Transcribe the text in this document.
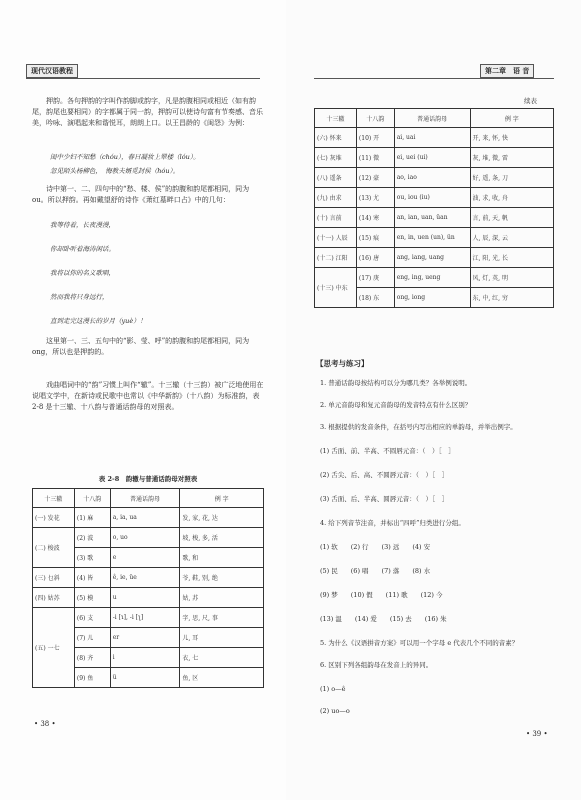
现代汉语教程

押韵。各句押韵的字叫作韵脚或韵字，凡是韵腹相同或相近（如有韵尾，韵尾也要相同）的字都属于同一韵，押韵可以使诗句富有节奏感、音乐美，吟咏、演唱起来和谐悦耳，朗朗上口。以王昌龄的《闺怨》为例：

闺中少妇不知愁（chóu），春日凝妆上翠楼（lóu）。
忽见陌头杨柳色，　悔教夫婿觅封侯（hóu）。

诗中第一、二、四句中的“愁、楼、侯”的韵腹和韵尾都相同，同为 ou。所以押韵。再如戴望舒的诗作《萧红墓畔口占》中的几句：

我等待着，长夜漫漫，
你却卧听着海涛闲话。
我将以你的名义歌唱，
然而我将只身远行，
直到走完这漫长的岁月（yuè）！

这里第一、三、五句中的“影、莹、呼”的韵腹和韵尾都相同，同为 ong，所以也是押韵的。

戏曲唱词中的“韵”习惯上叫作“辙”。十三辙（十三韵）被广泛地使用在说唱文学中，在新诗或民歌中也常以《中华新韵》（十八韵）为标准韵，表2-8 是十三辙、十八韵与普通话韵母的对照表。

表 2-8　韵辙与普通话韵母对照表
十三辙	十八韵	普通话韵母	例 字
(一) 发花	(1) 麻	a, ia, ua	发, 家, 花, 达
(二) 梭波	(2) 波	o, uo	坡, 梭, 多, 活
	(3) 歌	e	歌, 和
(三) 乜斜	(4) 皆	ê, ie, üe	爷, 鞋, 别, 绝
(四) 姑苏	(5) 模	u	姑, 苏
(五) 一七	(6) 支	-i [ɿ], -i [ʅ]	字, 思, 尺, 事
	(7) 儿	er	儿, 耳
	(8) 齐	i	衣, 七
	(9) 鱼	ü	鱼, 区
• 38 •
第二章　语 音
续表
十三辙	十八韵	普通话韵母	例 字
(六) 怀来	(10) 开	ai, uai	开, 来, 怀, 快
(七) 灰堆	(11) 微	ei, uei (ui)	灰, 堆, 微, 雷
(八) 遥条	(12) 豪	ao, iao	好, 遥, 条, 刀
(九) 由求	(13) 尤	ou, iou (iu)	油, 求, 收, 舟
(十) 言前	(14) 寒	an, ian, uan, üan	言, 前, 天, 帆
(十一) 人辰	(15) 痕	en, in, uen (un), ün	人, 辰, 深, 云
(十二) 江阳	(16) 唐	ang, iang, uang	江, 阳, 光, 长
(十三) 中东	(17) 庚	eng, ing, ueng	风, 灯, 英, 明
	(18) 东	ong, iong	东, 中, 红, 穷
【思考与练习】
1. 普通话韵母按结构可以分为哪几类？各举例说明。
2. 单元音韵母和复元音韵母的发音特点有什么区别？
3. 根据提供的发音条件，在括号内写出相应的单韵母，并举出例字。
(1) 舌面、前、半高、不圆唇元音：（　）［　］
(2) 舌尖、后、高、不圆唇元音：（　）［　］
(3) 舌面、后、半高、圆唇元音：（　）［　］
4. 给下列音节注音，并标出“四呼”归类进行分组。
(1) 软　　(2) 行　　(3) 远　　(4) 安
(5) 民　　(6) 唱　　(7) 落　　(8) 水
(9) 梦　　(10) 假　　(11) 歌　　(12) 今
(13) 温　　(14) 爱　　(15) 去　　(16) 朱
5. 为什么《汉语拼音方案》可以用一个字母 e 代表几个不同的音素？
6. 区别下列各组韵母在发音上的异同。
(1) o—ê
(2) uo—o
• 39 •
